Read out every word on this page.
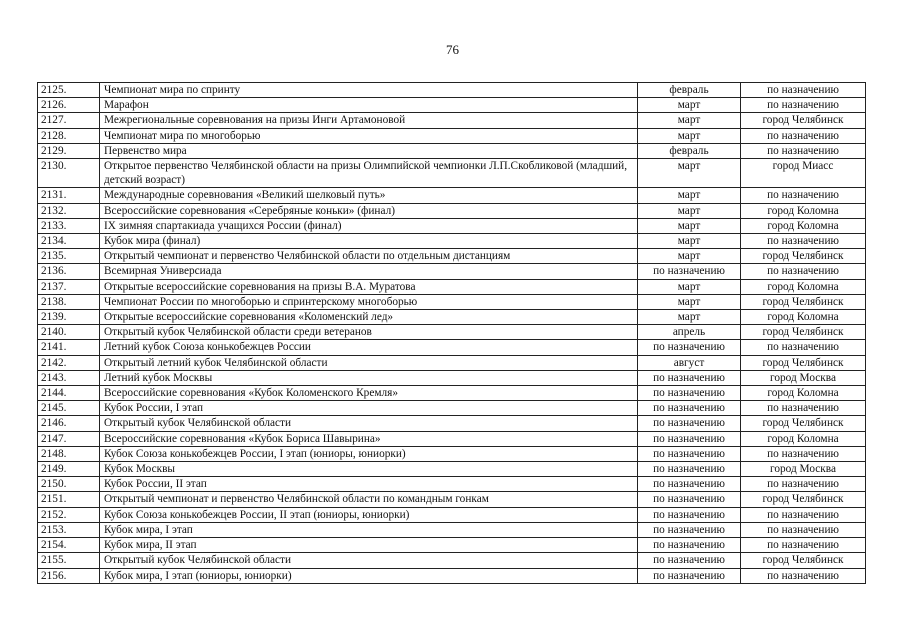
76
2125.	Чемпионат мира по спринту	февраль	по назначению
2126.	Марафон	март	по назначению
2127.	Межрегиональные соревнования на призы Инги Артамоновой	март	город Челябинск
2128.	Чемпионат мира по многоборью	март	по назначению
2129.	Первенство мира	февраль	по назначению
2130.	Открытое первенство Челябинской области на призы Олимпийской чемпионки Л.П.Скобликовой (младший, детский возраст)	март	город Миасс
2131.	Международные соревнования «Великий шелковый путь»	март	по назначению
2132.	Всероссийские соревнования «Серебряные коньки» (финал)	март	город Коломна
2133.	IX зимняя спартакиада учащихся России (финал)	март	город Коломна
2134.	Кубок мира (финал)	март	по назначению
2135.	Открытый чемпионат и первенство Челябинской области по отдельным дистанциям	март	город Челябинск
2136.	Всемирная Универсиада	по назначению	по назначению
2137.	Открытые всероссийские соревнования на призы В.А. Муратова	март	город Коломна
2138.	Чемпионат России по многоборью и спринтерскому многоборью	март	город Челябинск
2139.	Открытые всероссийские соревнования «Коломенский лед»	март	город Коломна
2140.	Открытый кубок Челябинской области среди ветеранов	апрель	город Челябинск
2141.	Летний кубок Союза конькобежцев России	по назначению	по назначению
2142.	Открытый летний кубок Челябинской области	август	город Челябинск
2143.	Летний кубок Москвы	по назначению	город Москва
2144.	Всероссийские соревнования «Кубок Коломенского Кремля»	по назначению	город Коломна
2145.	Кубок России, I этап	по назначению	по назначению
2146.	Открытый кубок Челябинской области	по назначению	город Челябинск
2147.	Всероссийские соревнования «Кубок Бориса Шавырина»	по назначению	город Коломна
2148.	Кубок Союза конькобежцев России, I этап (юниоры, юниорки)	по назначению	по назначению
2149.	Кубок Москвы	по назначению	город Москва
2150.	Кубок России, II этап	по назначению	по назначению
2151.	Открытый чемпионат и первенство Челябинской области по командным гонкам	по назначению	город Челябинск
2152.	Кубок Союза конькобежцев России, II этап (юниоры, юниорки)	по назначению	по назначению
2153.	Кубок мира, I этап	по назначению	по назначению
2154.	Кубок мира, II этап	по назначению	по назначению
2155.	Открытый кубок Челябинской области	по назначению	город Челябинск
2156.	Кубок мира, I этап (юниоры, юниорки)	по назначению	по назначению
